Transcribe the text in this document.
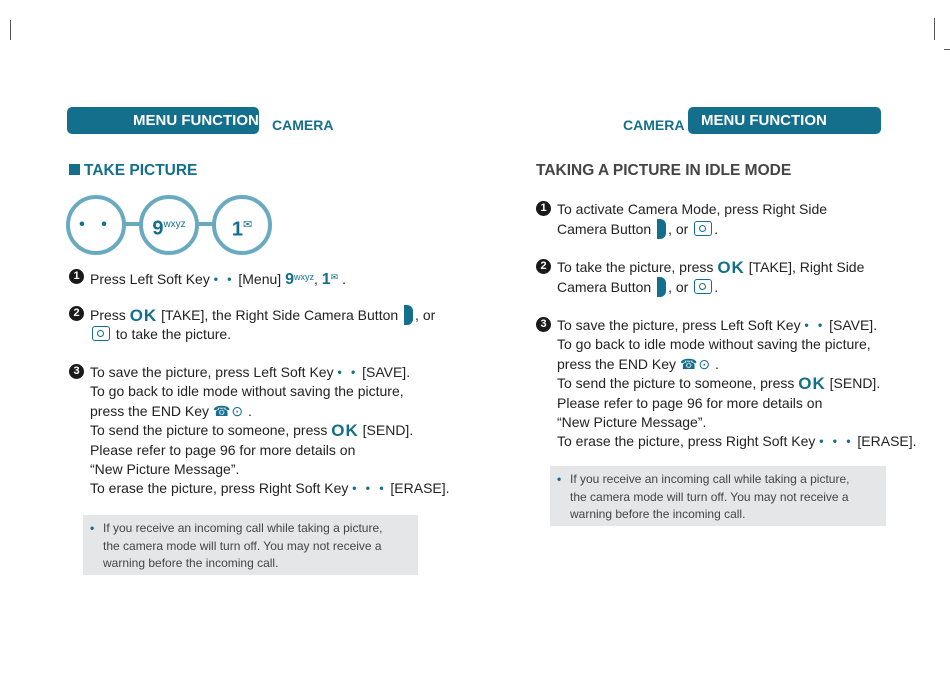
MENU FUNCTION CAMERA
TAKE PICTURE
• •	$9^{wxyz}$	1✉
1 Press Left Soft Key • • [Menu] $9^{wxyz}$, 1✉ .
2 Press OK [TAKE], the Right Side Camera Button , or
to take the picture.
3 To save the picture, press Left Soft Key • • [SAVE].
To go back to idle mode without saving the picture,
press the END Key ☎⊙ .
To send the picture to someone, press OK [SEND].
Please refer to page 96 for more details on
“New Picture Message”.
To erase the picture, press Right Soft Key • • • [ERASE].
• If you receive an incoming call while taking a picture,
the camera mode will turn off. You may not receive a
warning before the incoming call.
CAMERA	MENU FUNCTION
TAKING A PICTURE IN IDLE MODE
1 To activate Camera Mode, press Right Side
Camera Button , or .
2 To take the picture, press OK [TAKE], Right Side
Camera Button , or .
3 To save the picture, press Left Soft Key • • [SAVE].
To go back to idle mode without saving the picture,
press the END Key ☎⊙ .
To send the picture to someone, press OK [SEND].
Please refer to page 96 for more details on
“New Picture Message”.
To erase the picture, press Right Soft Key • • • [ERASE].
• If you receive an incoming call while taking a picture,
the camera mode will turn off. You may not receive a
warning before the incoming call.
